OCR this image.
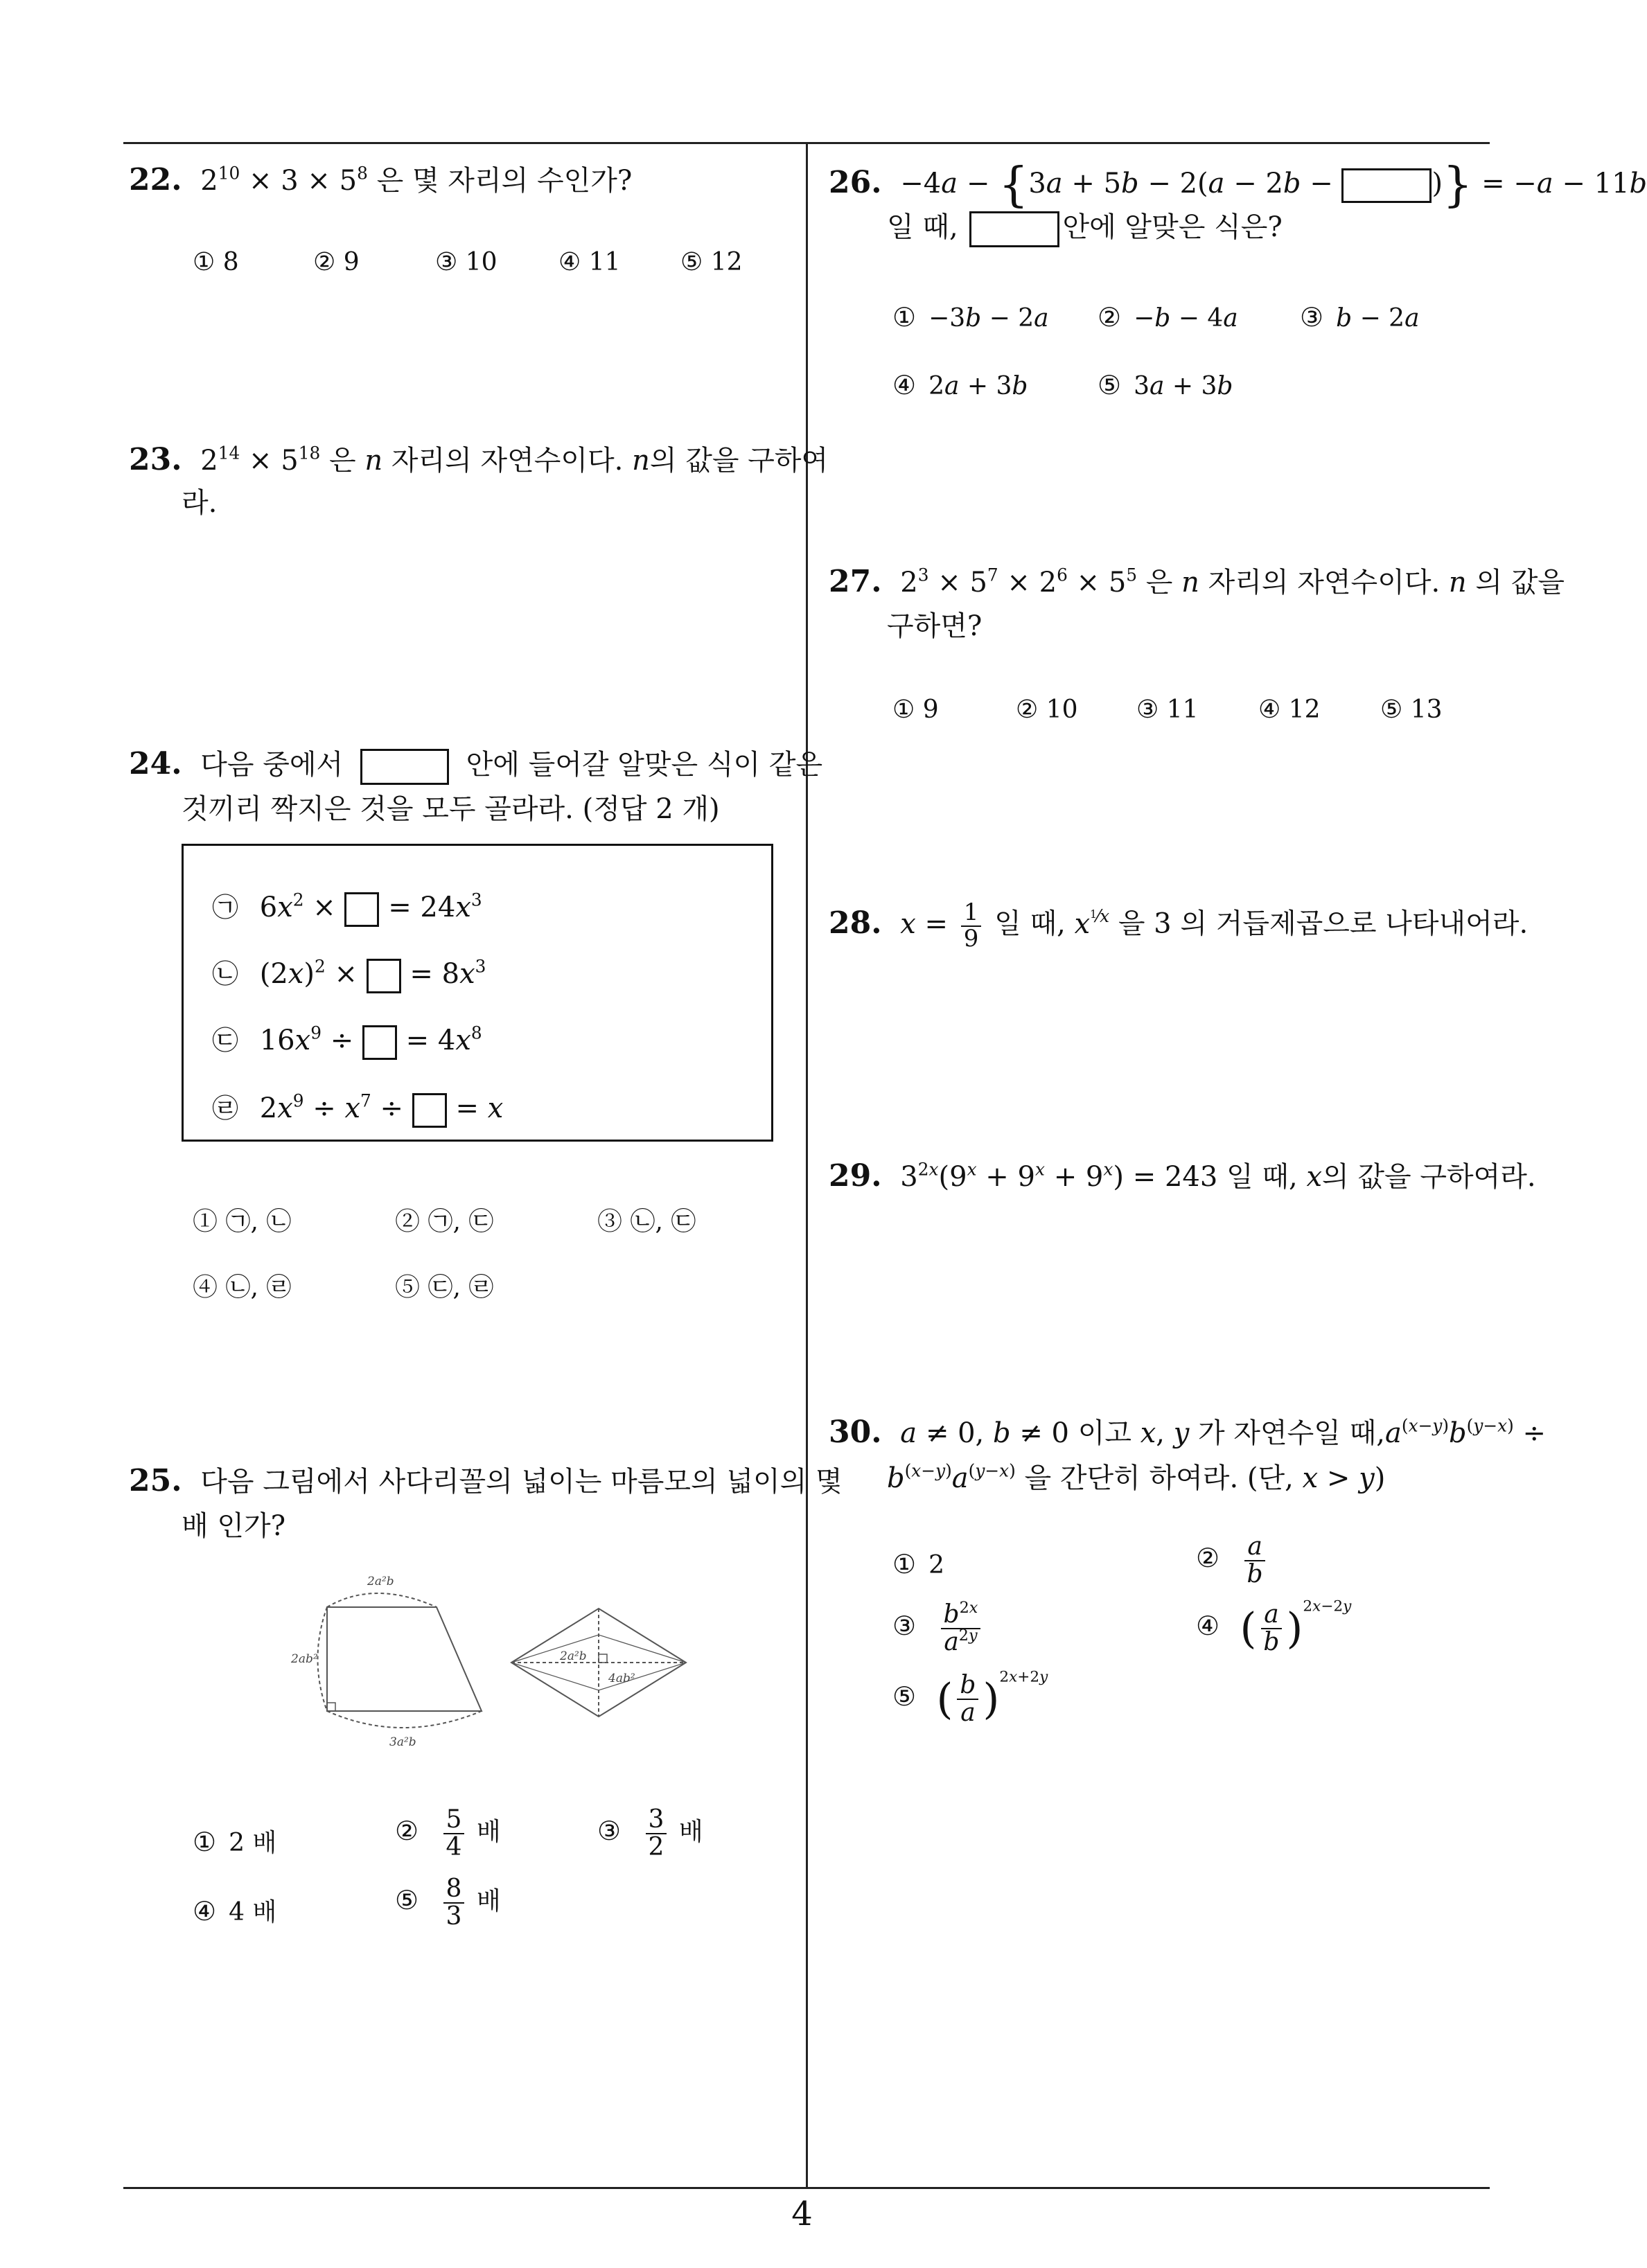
4
22. $2^{10} \times 3 \times 5^8$ 은 몇 자리의 수인가?
① 8	② 9	③ 10 ④ 11 ⑤ 12
23. $2^{14} \times 5^{18}$ 은 n 자리의 자연수이다. n의 값을 구하여
라.
24. 다음 중에서	안에 들어갈 알맞은 식이 같은
것끼리 짝지은 것을 모두 골라라. (정답 2 개)
㉠ $6x^2$ ×  = $24x^3$
㉡ $(2x)^2$ ×  = $8x^3$
㉢ $16x^9$ ÷  = $4x^8$
㉣ $2x^9 \div x^7$ ÷  = x
① ㉠, ㉡	② ㉠, ㉢	③ ㉡, ㉢
④ ㉡, ㉣	⑤ ㉢, ㉣
25. 다음 그림에서 사다리꼴의 넓이는 마름모의 넓이의 몇
배 인가?
2a²b
2ab²
3a²b
2a²b
4ab²
① 2 배	② $\frac{5}{4}$ 배	③ $\frac{3}{2}$ 배
④ 4 배	⑤ $\frac{8}{3}$ 배
26. −4a − {3a + 5b − 2(a − 2b −	)} = −a − 11b
일 때,	안에 알맞은 식은?
① −3b − 2a ② −b − 4a ③ b − 2a
④ 2a + 3b	⑤ 3a + 3b
27. $2^3 \times 5^7 \times 2^6 \times 5^5$ 은 n 자리의 자연수이다. n 의 값을
구하면?
① 9	② 10 ③ 11 ④ 12 ⑤ 13
28. $x = \frac{1}{9}$ 일 때, $x^{^1⁄x}$ 을 3 의 거듭제곱으로 나타내어라.
29. $3^{2x}(9^x + 9^x + 9^x) = 243$ 일 때, x의 값을 구하여라.
30. a ≠ 0, b ≠ 0 이고 x, y 가 자연수일 때$,a^{(x-y)}b^{(y-x)}$ ÷
$b^{(x-y)}a^{(y-x)}$ 을 간단히 하여라. (단, x > y)
① 2	② $\frac{a}{b}$
③ $\frac{b^{2x}}{a^{2y}}$	④ ( $\frac{a}{b} )^{2x-2y}$
⑤ ( $\frac{b}{a} )^{2x+2y}$
